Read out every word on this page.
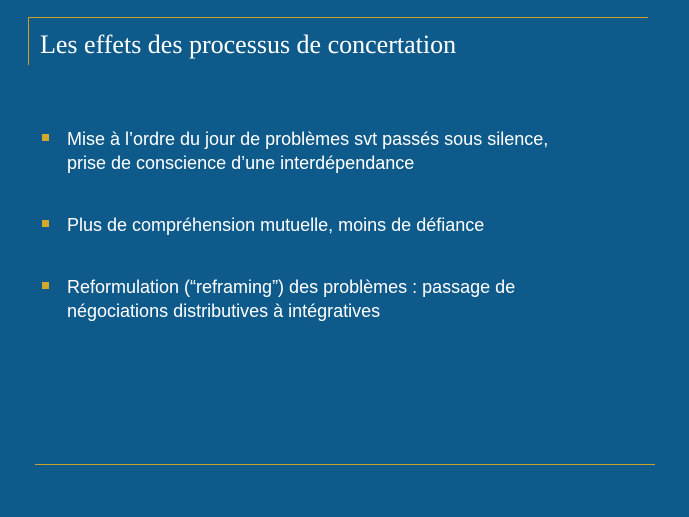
Les effets des processus de concertation
Mise à l’ordre du jour de problèmes svt passés sous silence,
prise de conscience d’une interdépendance
Plus de compréhension mutuelle, moins de défiance
Reformulation (“reframing”) des problèmes : passage de
négociations distributives à intégratives
